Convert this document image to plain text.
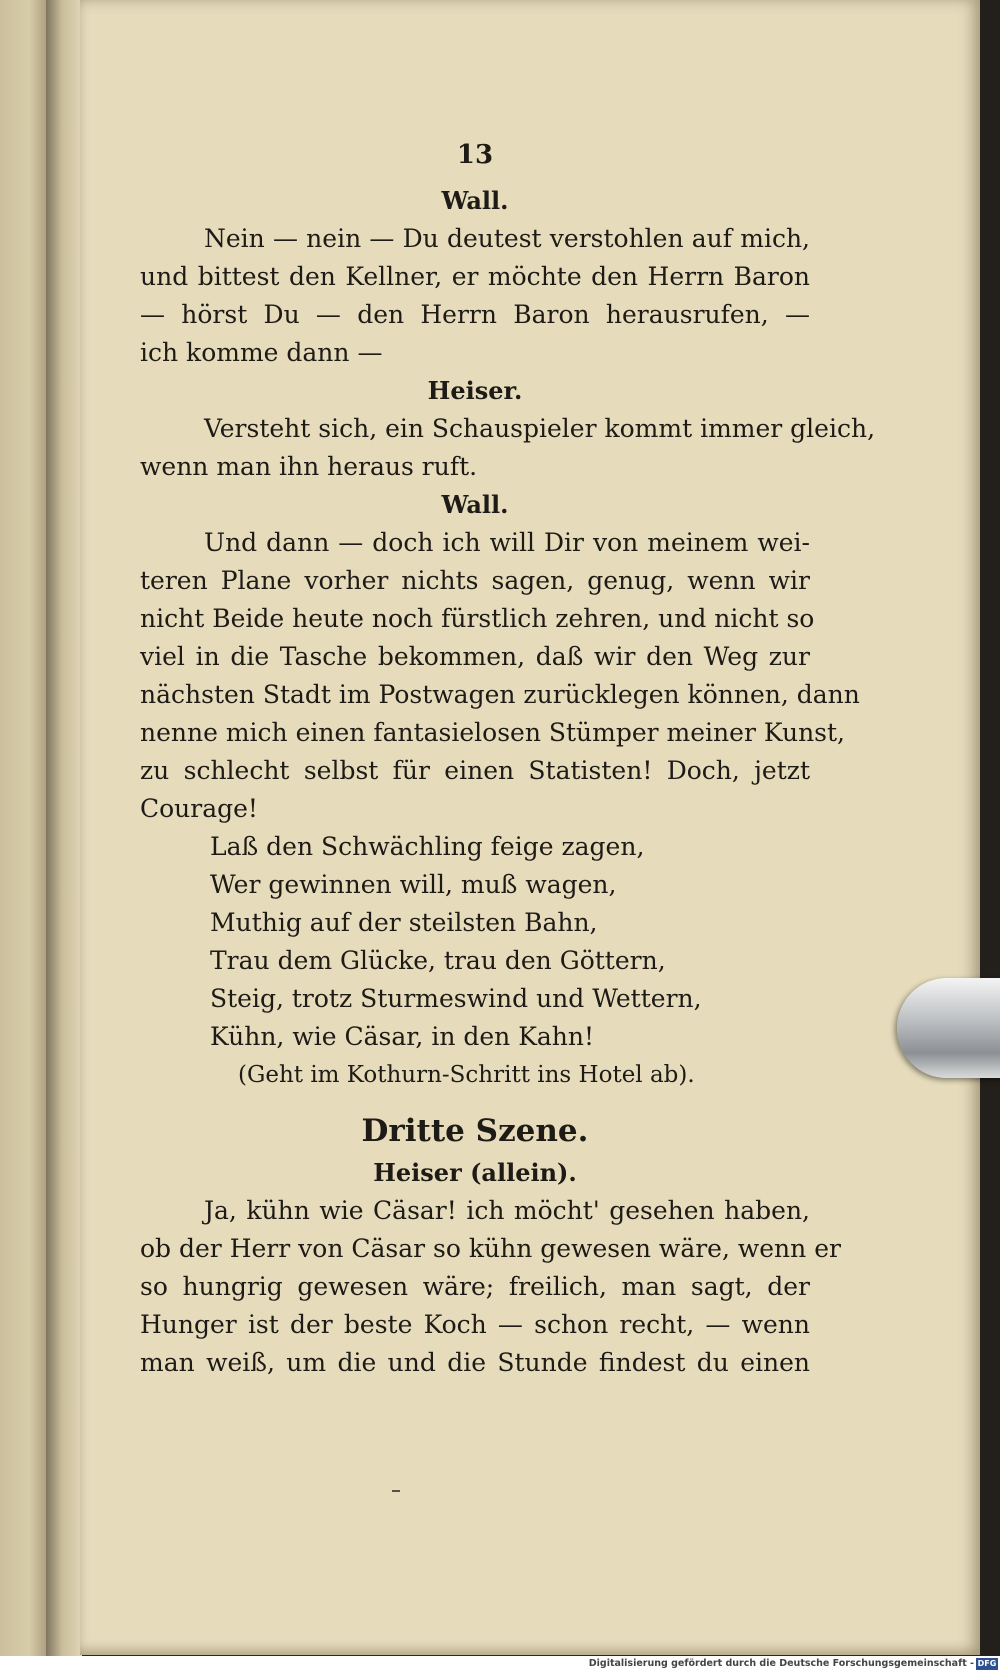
13
Wall.
Nein — nein — Du deutest verstohlen auf mich,
und bittest den Kellner, er möchte den Herrn Baron
— hörst Du — den Herrn Baron herausrufen, —
ich komme dann —
Heiser.
Versteht sich, ein Schauspieler kommt immer gleich,
wenn man ihn heraus ruft.
Wall.
Und dann — doch ich will Dir von meinem wei-
teren Plane vorher nichts sagen, genug, wenn wir
nicht Beide heute noch fürstlich zehren, und nicht so
viel in die Tasche bekommen, daß wir den Weg zur
nächsten Stadt im Postwagen zurücklegen können, dann
nenne mich einen fantasielosen Stümper meiner Kunst,
zu schlecht selbst für einen Statisten! Doch, jetzt
Courage!
Laß den Schwächling feige zagen,
Wer gewinnen will, muß wagen,
Muthig auf der steilsten Bahn,
Trau dem Glücke, trau den Göttern,
Steig, trotz Sturmeswind und Wettern,
Kühn, wie Cäsar, in den Kahn!
(Geht im Kothurn-Schritt ins Hotel ab).
Dritte Szene.
Heiser (allein).
Ja, kühn wie Cäsar! ich möcht' gesehen haben,
ob der Herr von Cäsar so kühn gewesen wäre, wenn er
so hungrig gewesen wäre; freilich, man sagt, der
Hunger ist der beste Koch — schon recht, — wenn
man weiß, um die und die Stunde findest du einen
Digitalisierung gefördert durch die Deutsche Forschungsgemeinschaft - DFG
